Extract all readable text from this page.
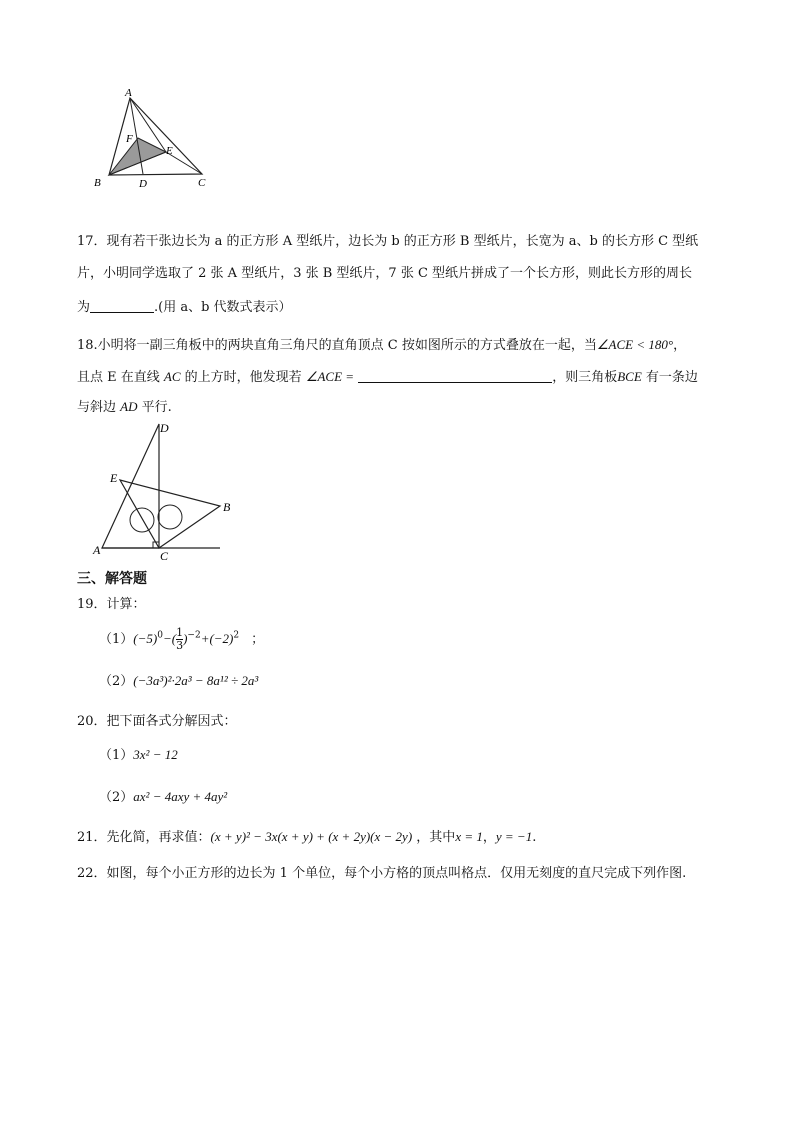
A
F
E
B	D	C
17．现有若干张边长为 a 的正方形 A 型纸片，边长为 b 的正方形 B 型纸片，长宽为 a、b 的长方形 C 型纸
片，小明同学选取了 2 张 A 型纸片，3 张 B 型纸片，7 张 C 型纸片拼成了一个长方形，则此长方形的周长
为	.(用 a、b 代数式表示）
18.小明将一副三角板中的两块直角三角尺的直角顶点 C 按如图所示的方式叠放在一起，当∠ACE < 180°，
且点 E 在直线 AC 的上方时，他发现若 ∠ACE =	，则三角板BCE 有一条边
与斜边 AD 平行.
D
E
B
A	C
三、解答题
19．计算：
$(1)(-5)^0-( \frac{1}{3} )^{-2}+(-2)^2$ ；
（2）(−3a³)²·2a³ − 8a¹² ÷ 2a³
20．把下面各式分解因式：
（1）3x² − 12
（2）ax² − 4axy + 4ay²
21．先化简，再求值：(x + y)² − 3x(x + y) + (x + 2y)(x − 2y) ，其中x = 1，y = −1.
22．如图，每个小正方形的边长为 1 个单位，每个小方格的顶点叫格点．仅用无刻度的直尺完成下列作图.
